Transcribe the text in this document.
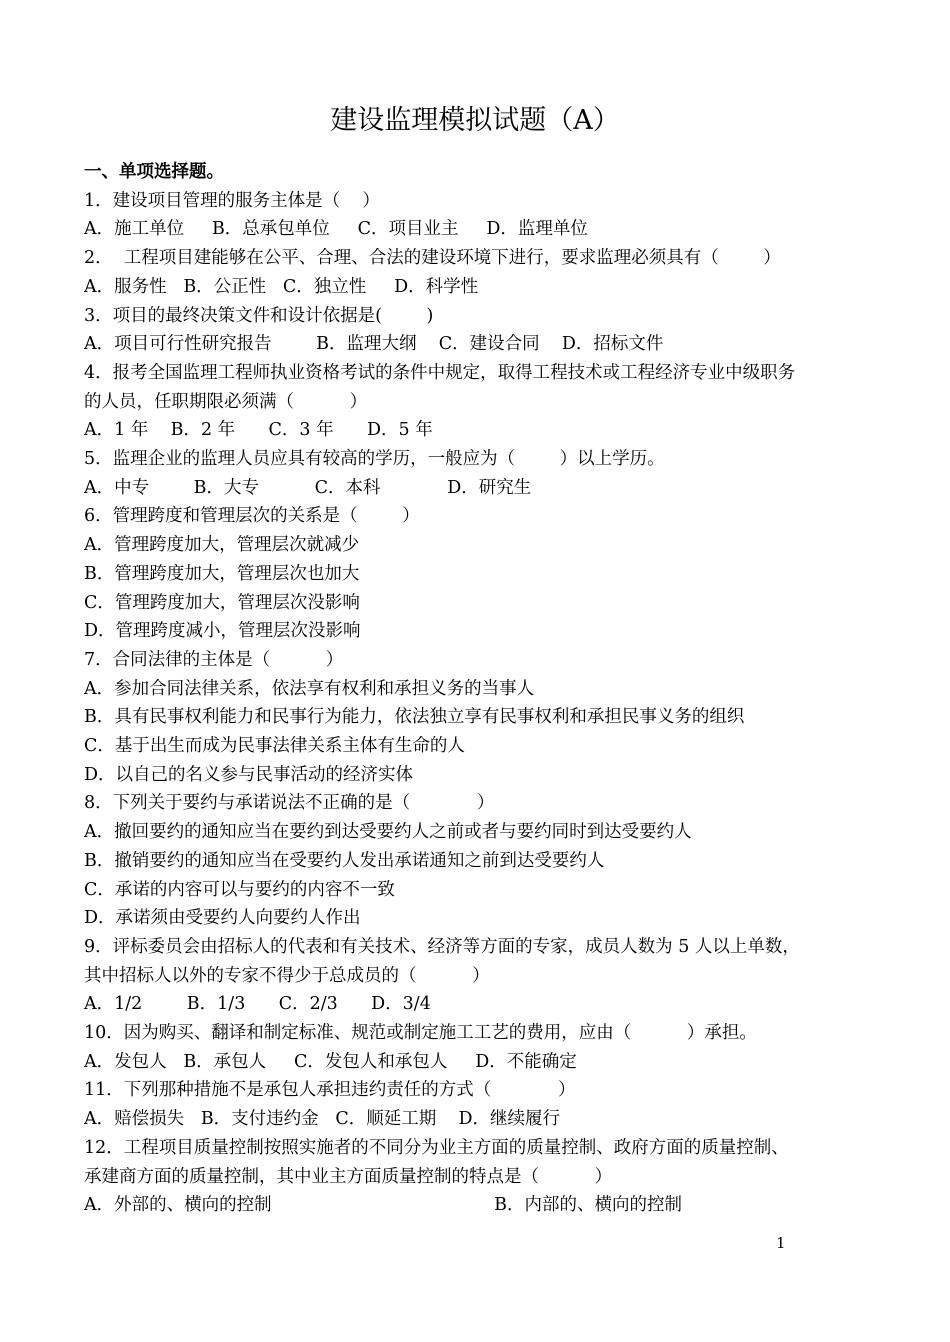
建设监理模拟试题（A）
一、单项选择题。
1．建设项目管理的服务主体是（    ）
A．施工单位     B．总承包单位     C．项目业主     D．监理单位
2．  工程项目建能够在公平、合理、合法的建设环境下进行，要求监理必须具有（        ）
A．服务性   B．公正性   C．独立性     D．科学性
3．项目的最终决策文件和设计依据是(        )
A．项目可行性研究报告        B．监理大纲    C．建设合同    D．招标文件
4．报考全国监理工程师执业资格考试的条件中规定，取得工程技术或工程经济专业中级职务
的人员，任职期限必须满（          ）
A．1 年    B．2 年      C．3 年      D．5 年
5．监理企业的监理人员应具有较高的学历，一般应为（        ）以上学历。
A．中专        B．大专          C．本科            D．研究生
6．管理跨度和管理层次的关系是（        ）
A．管理跨度加大，管理层次就减少
B．管理跨度加大，管理层次也加大
C．管理跨度加大，管理层次没影响
D．管理跨度减小，管理层次没影响
7．合同法律的主体是（          ）
A．参加合同法律关系，依法享有权利和承担义务的当事人
B．具有民事权利能力和民事行为能力，依法独立享有民事权利和承担民事义务的组织
C．基于出生而成为民事法律关系主体有生命的人
D．以自己的名义参与民事活动的经济实体
8．下列关于要约与承诺说法不正确的是（            ）
A．撤回要约的通知应当在要约到达受要约人之前或者与要约同时到达受要约人
B．撤销要约的通知应当在受要约人发出承诺通知之前到达受要约人
C．承诺的内容可以与要约的内容不一致
D．承诺须由受要约人向要约人作出
9．评标委员会由招标人的代表和有关技术、经济等方面的专家，成员人数为 5 人以上单数，
其中招标人以外的专家不得少于总成员的（          ）
A．1/2        B．1/3      C．2/3      D．3/4
10．因为购买、翻译和制定标准、规范或制定施工工艺的费用，应由（          ）承担。
A．发包人   B．承包人     C．发包人和承包人     D．不能确定
11．下列那种措施不是承包人承担违约责任的方式（            ）
A．赔偿损失   B．支付违约金   C．顺延工期    D．继续履行
12．工程项目质量控制按照实施者的不同分为业主方面的质量控制、政府方面的质量控制、
承建商方面的质量控制，其中业主方面质量控制的特点是（          ）
A．外部的、横向的控制                                        B．内部的、横向的控制
1
